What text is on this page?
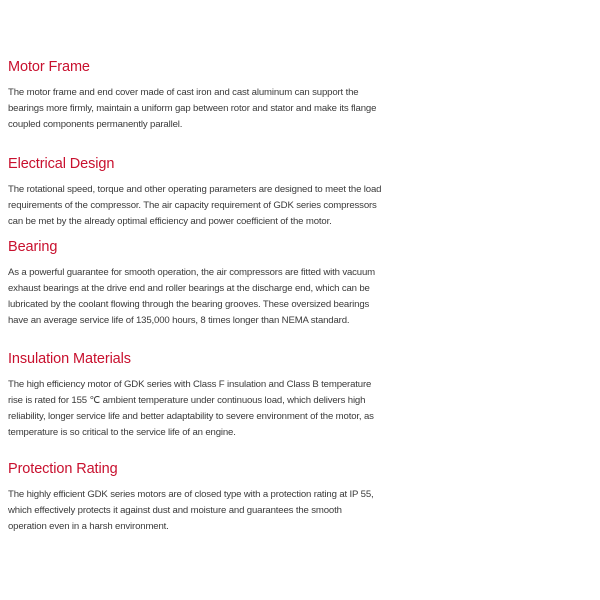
Motor Frame

The motor frame and end cover made of cast iron and cast aluminum can support the
bearings more firmly, maintain a uniform gap between rotor and stator and make its flange
coupled components permanently parallel.

Electrical Design

The rotational speed, torque and other operating parameters are designed to meet the load
requirements of the compressor. The air capacity requirement of GDK series compressors
can be met by the already optimal efficiency and power coefficient of the motor.

Bearing

As a powerful guarantee for smooth operation, the air compressors are fitted with vacuum
exhaust bearings at the drive end and roller bearings at the discharge end, which can be
lubricated by the coolant flowing through the bearing grooves. These oversized bearings
have an average service life of 135,000 hours, 8 times longer than NEMA standard.

Insulation Materials

The high efficiency motor of GDK series with Class F insulation and Class B temperature
rise is rated for 155 ℃ ambient temperature under continuous load, which delivers high
reliability, longer service life and better adaptability to severe environment of the motor, as
temperature is so critical to the service life of an engine.

Protection Rating

The highly efficient GDK series motors are of closed type with a protection rating at IP 55,
which effectively protects it against dust and moisture and guarantees the smooth
operation even in a harsh environment.
